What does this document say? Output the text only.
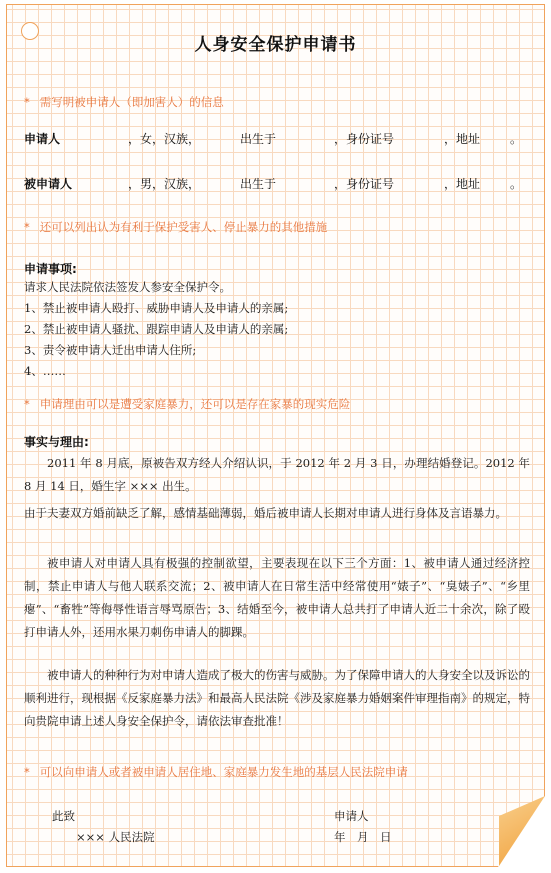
人身安全保护申请书
* 需写明被申请人（即加害人）的信息
申请人	，女，汉族，	出生于	，身份证号	，地址 。
被申请人	，男，汉族，	出生于	，身份证号	，地址 。
* 还可以列出认为有利于保护受害人、停止暴力的其他措施
申请事项:
请求人民法院依法签发人参安全保护令。
1、禁止被申请人殴打、威胁申请人及申请人的亲属;
2、禁止被申请人骚扰、跟踪申请人及申请人的亲属;
3、责令被申请人迁出申请人住所;
4、……
* 申请理由可以是遭受家庭暴力，还可以是存在家暴的现实危险
事实与理由:
2011 年 8 月底，原被告双方经人介绍认识，于 2012 年 2 月 3 日，办理结婚登记。2012 年 8 月 14 日，婚生字 ××× 出生。
由于夫妻双方婚前缺乏了解，感情基础薄弱，婚后被申请人长期对申请人进行身体及言语暴力。
被申请人对申请人具有极强的控制欲望，主要表现在以下三个方面：1、被申请人通过经济控制，禁止申请人与他人联系交流；2、被申请人在日常生活中经常使用“婊子”、“臭婊子”、“乡里瘪”、“畜牲”等侮辱性语言辱骂原告；3、结婚至今，被申请人总共打了申请人近二十余次，除了殴打申请人外，还用水果刀刺伤申请人的脚踝。
被申请人的种种行为对申请人造成了极大的伤害与威胁。为了保障申请人的人身安全以及诉讼的顺利进行，现根据《反家庭暴力法》和最高人民法院《涉及家庭暴力婚姻案件审理指南》的规定，特向贵院申请上述人身安全保护令，请依法审查批准！
* 可以向申请人或者被申请人居住地、家庭暴力发生地的基层人民法院申请
此致
××× 人民法院
申请人
年　月　日
